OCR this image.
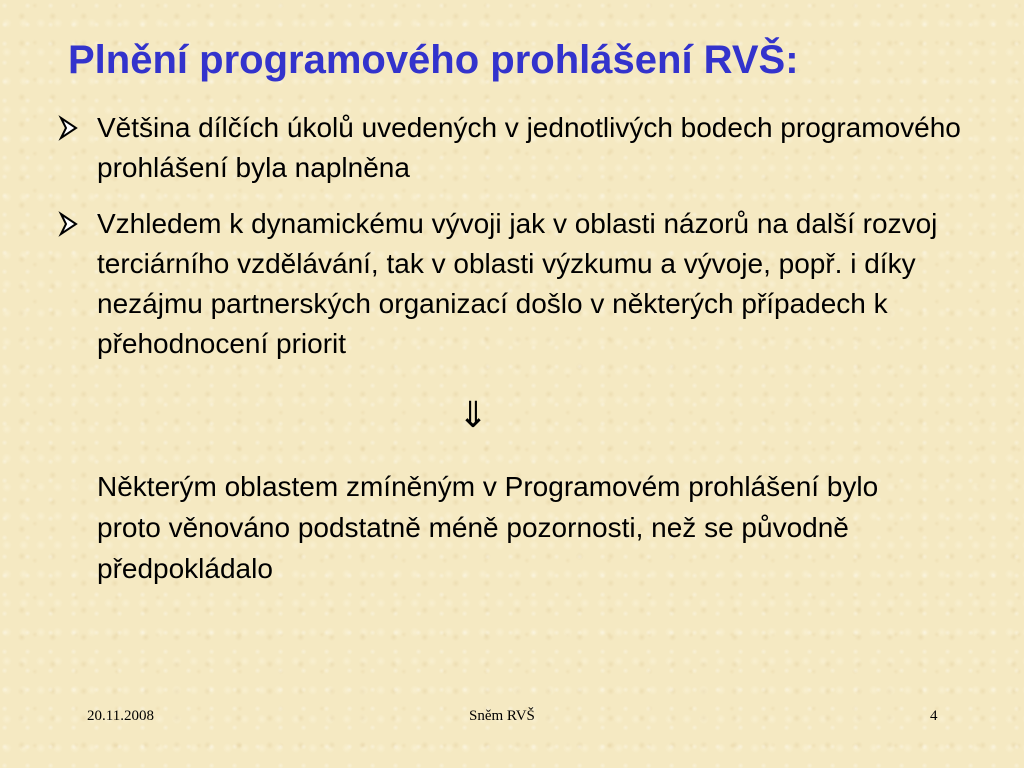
Plnění programového prohlášení RVŠ:
Většina dílčích úkolů uvedených v jednotlivých bodech programového prohlášení byla naplněna
Vzhledem k dynamickému vývoji jak v oblasti názorů na další rozvoj terciárního vzdělávání, tak v oblasti výzkumu a vývoje, popř. i díky nezájmu partnerských organizací došlo v některých případech k přehodnocení priorit
⇓

Některým oblastem zmíněným v Programovém prohlášení bylo proto věnováno podstatně méně pozornosti, než se původně předpokládalo

20.11.2008	Sněm RVŠ	4
